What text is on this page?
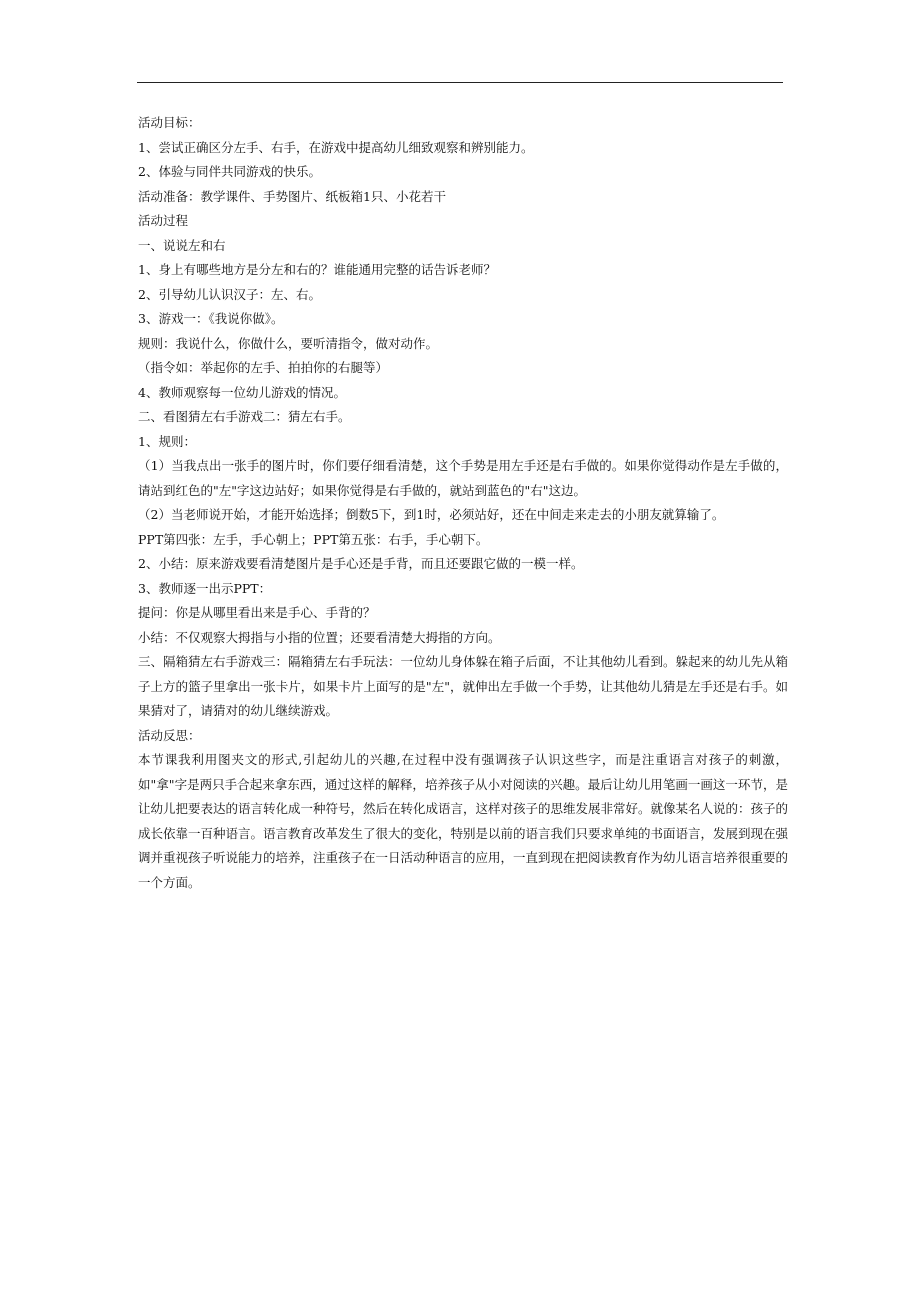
活动目标：

1、尝试正确区分左手、右手，在游戏中提高幼儿细致观察和辨别能力。

2、体验与同伴共同游戏的快乐。

活动准备：教学课件、手势图片、纸板箱1只、小花若干

活动过程

一、说说左和右

1、身上有哪些地方是分左和右的？谁能通用完整的话告诉老师？

2、引导幼儿认识汉子：左、右。

3、游戏一：《我说你做》。

规则：我说什么，你做什么，要听清指令，做对动作。

（指令如：举起你的左手、拍拍你的右腿等）

4、教师观察每一位幼儿游戏的情况。

二、看图猜左右手游戏二：猜左右手。

1、规则：

（1）当我点出一张手的图片时，你们要仔细看清楚，这个手势是用左手还是右手做的。如果你觉得动作是左手做的，请站到红色的"左"字这边站好；如果你觉得是右手做的，就站到蓝色的"右"这边。

（2）当老师说开始，才能开始选择；倒数5下，到1时，必须站好，还在中间走来走去的小朋友就算输了。

PPT第四张：左手，手心朝上；PPT第五张：右手，手心朝下。

2、小结：原来游戏要看清楚图片是手心还是手背，而且还要跟它做的一模一样。

3、教师逐一出示PPT：

提问：你是从哪里看出来是手心、手背的？

小结：不仅观察大拇指与小指的位置；还要看清楚大拇指的方向。

三、隔箱猜左右手游戏三：隔箱猜左右手玩法：一位幼儿身体躲在箱子后面，不让其他幼儿看到。躲起来的幼儿先从箱子上方的篮子里拿出一张卡片，如果卡片上面写的是"左"，就伸出左手做一个手势，让其他幼儿猜是左手还是右手。如果猜对了，请猜对的幼儿继续游戏。

活动反思：

本节课我利用图夹文的形式,引起幼儿的兴趣,在过程中没有强调孩子认识这些字，而是注重语言对孩子的刺激，如"拿"字是两只手合起来拿东西，通过这样的解释，培养孩子从小对阅读的兴趣。最后让幼儿用笔画一画这一环节，是让幼儿把要表达的语言转化成一种符号，然后在转化成语言，这样对孩子的思维发展非常好。就像某名人说的：孩子的成长依靠一百种语言。语言教育改革发生了很大的变化，特别是以前的语言我们只要求单纯的书面语言，发展到现在强调并重视孩子听说能力的培养，注重孩子在一日活动种语言的应用，一直到现在把阅读教育作为幼儿语言培养很重要的一个方面。
